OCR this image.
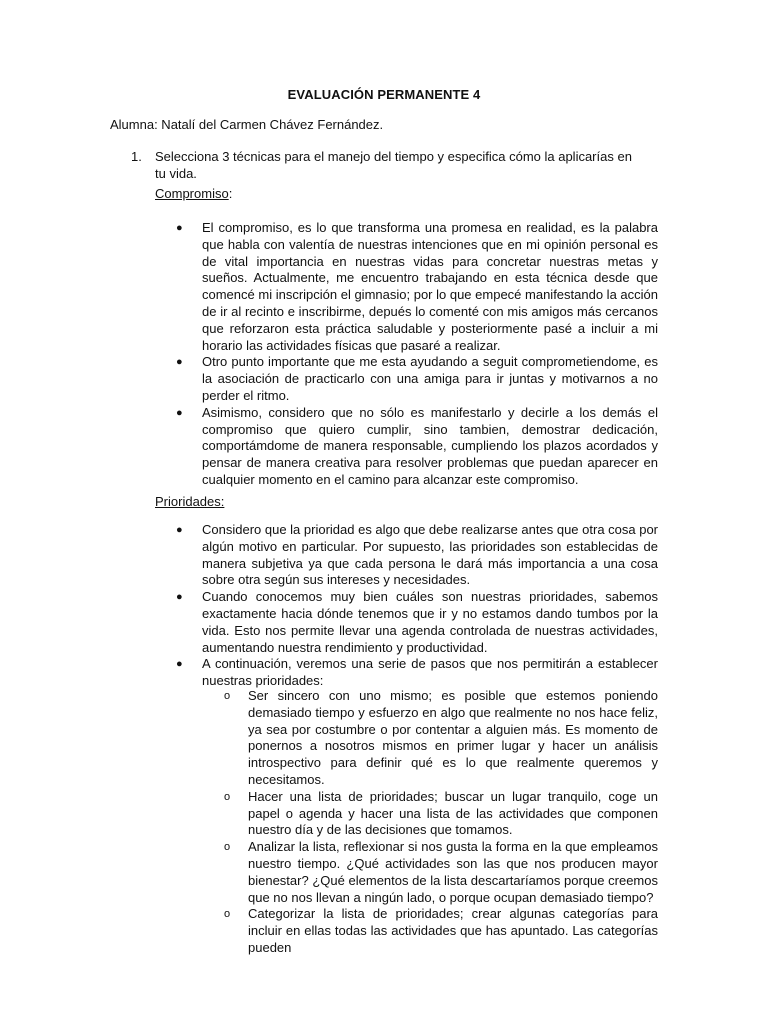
EVALUACIÓN PERMANENTE 4
Alumna: Natalí del Carmen Chávez Fernández.
1. Selecciona 3 técnicas para el manejo del tiempo y especifica cómo la aplicarías en tu vida.
Compromiso:
● El compromiso, es lo que transforma una promesa en realidad, es la palabra que habla con valentía de nuestras intenciones que en mi opinión personal es de vital importancia en nuestras vidas para concretar nuestras metas y sueños. Actualmente, me encuentro trabajando en esta técnica desde que comencé mi inscripción el gimnasio; por lo que empecé manifestando la acción de ir al recinto e inscribirme, depués lo comenté con mis amigos más cercanos que reforzaron esta práctica saludable y posteriormente pasé a incluir a mi horario las actividades físicas que pasaré a realizar.
● Otro punto importante que me esta ayudando a seguit comprometiendome, es la asociación de practicarlo con una amiga para ir juntas y motivarnos a no perder el ritmo.
● Asimismo, considero que no sólo es manifestarlo y decirle a los demás el compromiso que quiero cumplir, sino tambien, demostrar dedicación, comportámdome de manera responsable, cumpliendo los plazos acordados y pensar de manera creativa para resolver problemas que puedan aparecer en cualquier momento en el camino para alcanzar este compromiso.
Prioridades:
● Considero que la prioridad es algo que debe realizarse antes que otra cosa por algún motivo en particular. Por supuesto, las prioridades son establecidas de manera subjetiva ya que cada persona le dará más importancia a una cosa sobre otra según sus intereses y necesidades.
● Cuando conocemos muy bien cuáles son nuestras prioridades, sabemos exactamente hacia dónde tenemos que ir y no estamos dando tumbos por la vida. Esto nos permite llevar una agenda controlada de nuestras actividades, aumentando nuestra rendimiento y productividad.
● A continuación, veremos una serie de pasos que nos permitirán a establecer nuestras prioridades:
o Ser sincero con uno mismo; es posible que estemos poniendo demasiado tiempo y esfuerzo en algo que realmente no nos hace feliz, ya sea por costumbre o por contentar a alguien más. Es momento de ponernos a nosotros mismos en primer lugar y hacer un análisis introspectivo para definir qué es lo que realmente queremos y necesitamos.
o Hacer una lista de prioridades; buscar un lugar tranquilo, coge un papel o agenda y hacer una lista de las actividades que componen nuestro día y de las decisiones que tomamos.
o Analizar la lista, reflexionar si nos gusta la forma en la que empleamos nuestro tiempo. ¿Qué actividades son las que nos producen mayor bienestar? ¿Qué elementos de la lista descartaríamos porque creemos que no nos llevan a ningún lado, o porque ocupan demasiado tiempo?
o Categorizar la lista de prioridades; crear algunas categorías para incluir en ellas todas las actividades que has apuntado. Las categorías pueden
